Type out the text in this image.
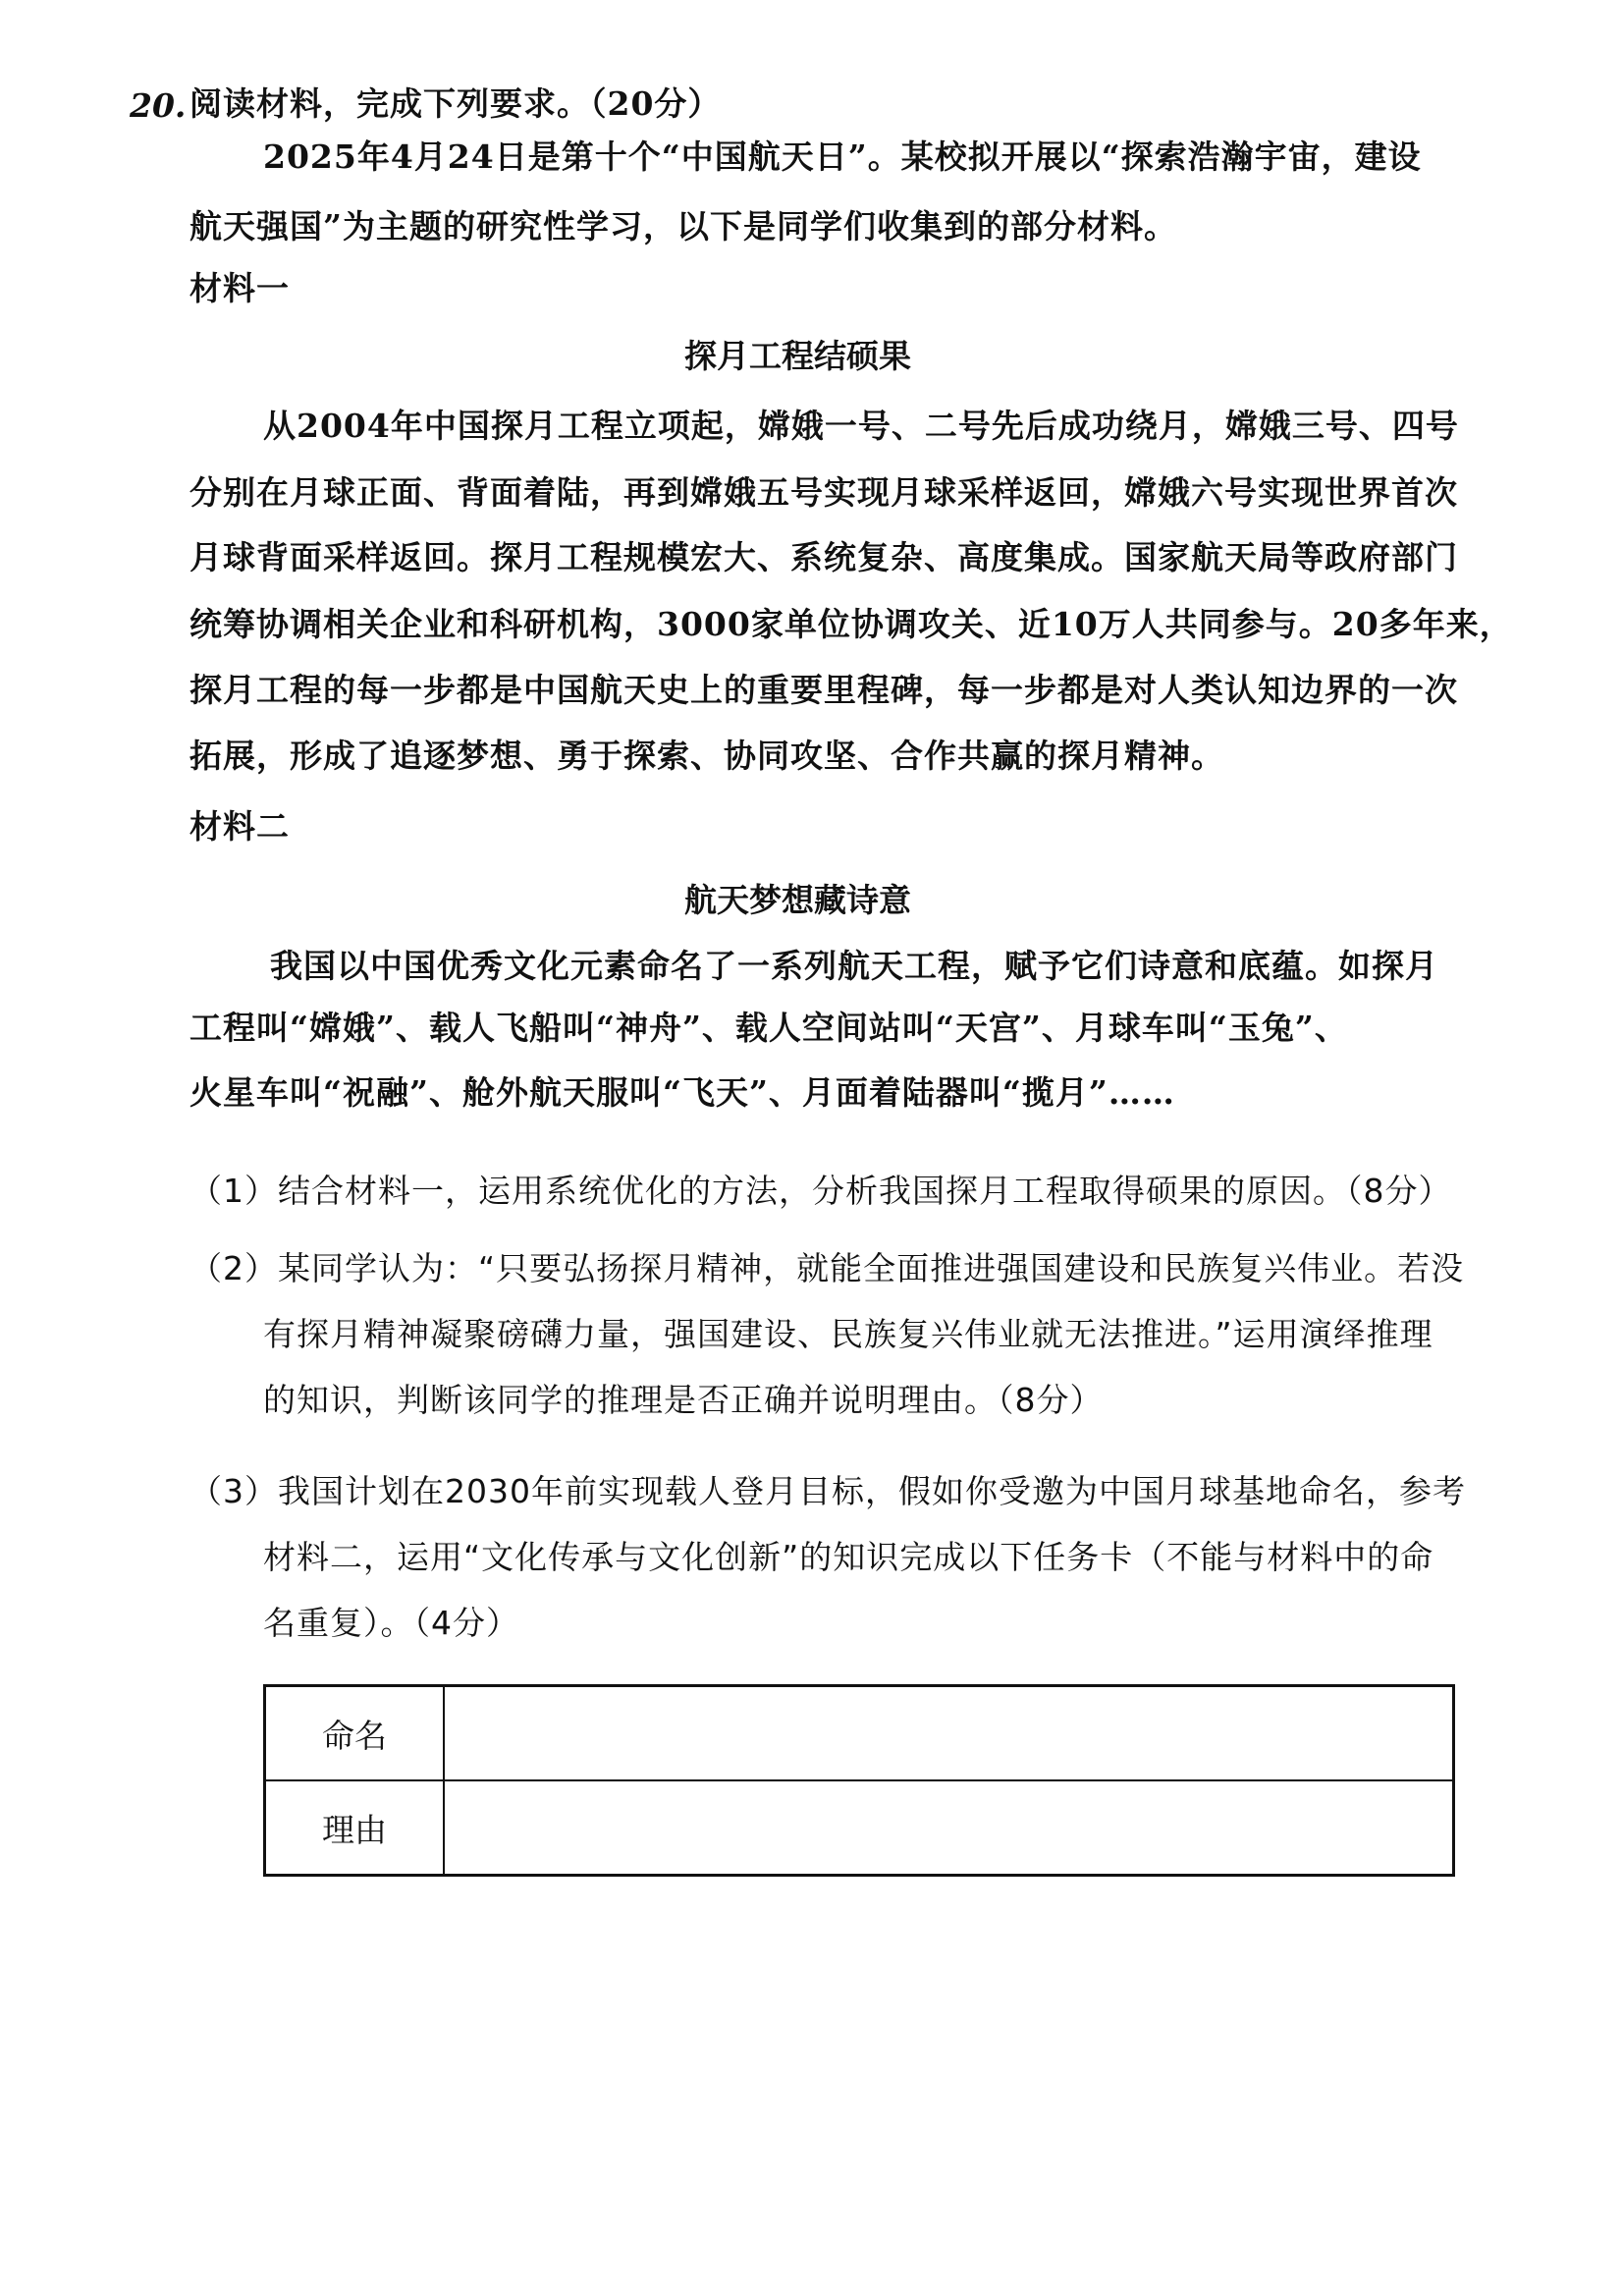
20. 阅读材料，完成下列要求。（20分）
2025年4月24日是第十个“中国航天日”。某校拟开展以“探索浩瀚宇宙，建设
航天强国”为主题的研究性学习，以下是同学们收集到的部分材料。
材料一
探月工程结硕果
从2004年中国探月工程立项起，嫦娥一号、二号先后成功绕月，嫦娥三号、四号
分别在月球正面、背面着陆，再到嫦娥五号实现月球采样返回，嫦娥六号实现世界首次
月球背面采样返回。探月工程规模宏大、系统复杂、高度集成。国家航天局等政府部门
统筹协调相关企业和科研机构，3000家单位协调攻关、近10万人共同参与。20多年来，
探月工程的每一步都是中国航天史上的重要里程碑，每一步都是对人类认知边界的一次
拓展，形成了追逐梦想、勇于探索、协同攻坚、合作共赢的探月精神。
材料二
航天梦想藏诗意
我国以中国优秀文化元素命名了一系列航天工程，赋予它们诗意和底蕴。如探月
工程叫“嫦娥”、载人飞船叫“神舟”、载人空间站叫“天宫”、月球车叫“玉兔”、
火星车叫“祝融”、舱外航天服叫“飞天”、月面着陆器叫“揽月”……
（1）结合材料一，运用系统优化的方法，分析我国探月工程取得硕果的原因。（8分）
（2）某同学认为：“只要弘扬探月精神，就能全面推进强国建设和民族复兴伟业。若没
有探月精神凝聚磅礴力量，强国建设、民族复兴伟业就无法推进。”运用演绎推理
的知识，判断该同学的推理是否正确并说明理由。（8分）
（3）我国计划在2030年前实现载人登月目标，假如你受邀为中国月球基地命名，参考
材料二，运用“文化传承与文化创新”的知识完成以下任务卡（不能与材料中的命
名重复）。（4分）
命名	
理由	
